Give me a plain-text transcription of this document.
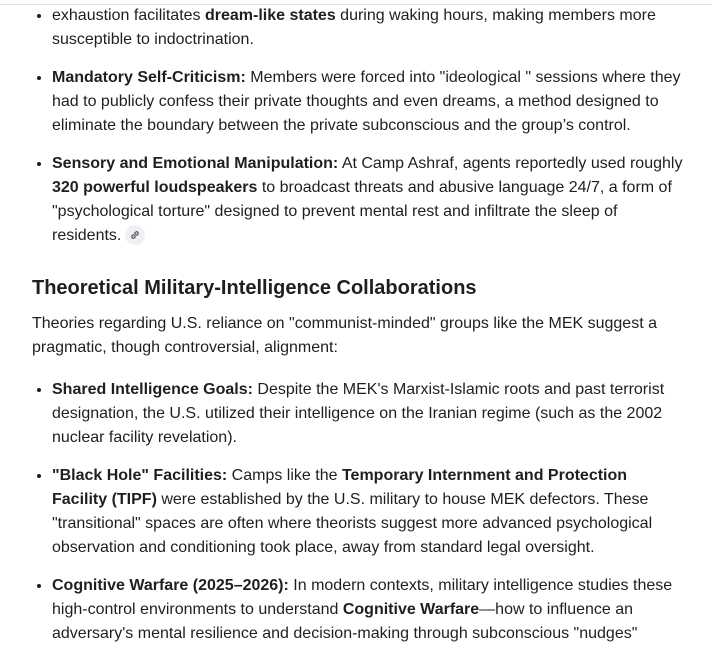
• exhaustion facilitates dream-like states during waking hours, making members more susceptible to indoctrination.
• Mandatory Self-Criticism: Members were forced into "ideological " sessions where they had to publicly confess their private thoughts and even dreams, a method designed to eliminate the boundary between the private subconscious and the group’s control.
• Sensory and Emotional Manipulation: At Camp Ashraf, agents reportedly used roughly 320 powerful loudspeakers to broadcast threats and abusive language 24/7, a form of "psychological torture" designed to prevent mental rest and infiltrate the sleep of residents.
Theoretical Military-Intelligence Collaborations

Theories regarding U.S. reliance on "communist-minded" groups like the MEK suggest a pragmatic, though controversial, alignment:

• Shared Intelligence Goals: Despite the MEK's Marxist-Islamic roots and past terrorist designation, the U.S. utilized their intelligence on the Iranian regime (such as the 2002 nuclear facility revelation).
• "Black Hole" Facilities: Camps like the Temporary Internment and Protection Facility (TIPF) were established by the U.S. military to house MEK defectors. These "transitional" spaces are often where theorists suggest more advanced psychological observation and conditioning took place, away from standard legal oversight.
• Cognitive Warfare (2025–2026): In modern contexts, military intelligence studies these high-control environments to understand Cognitive Warfare—how to influence an adversary's mental resilience and decision-making through subconscious "nudges"
